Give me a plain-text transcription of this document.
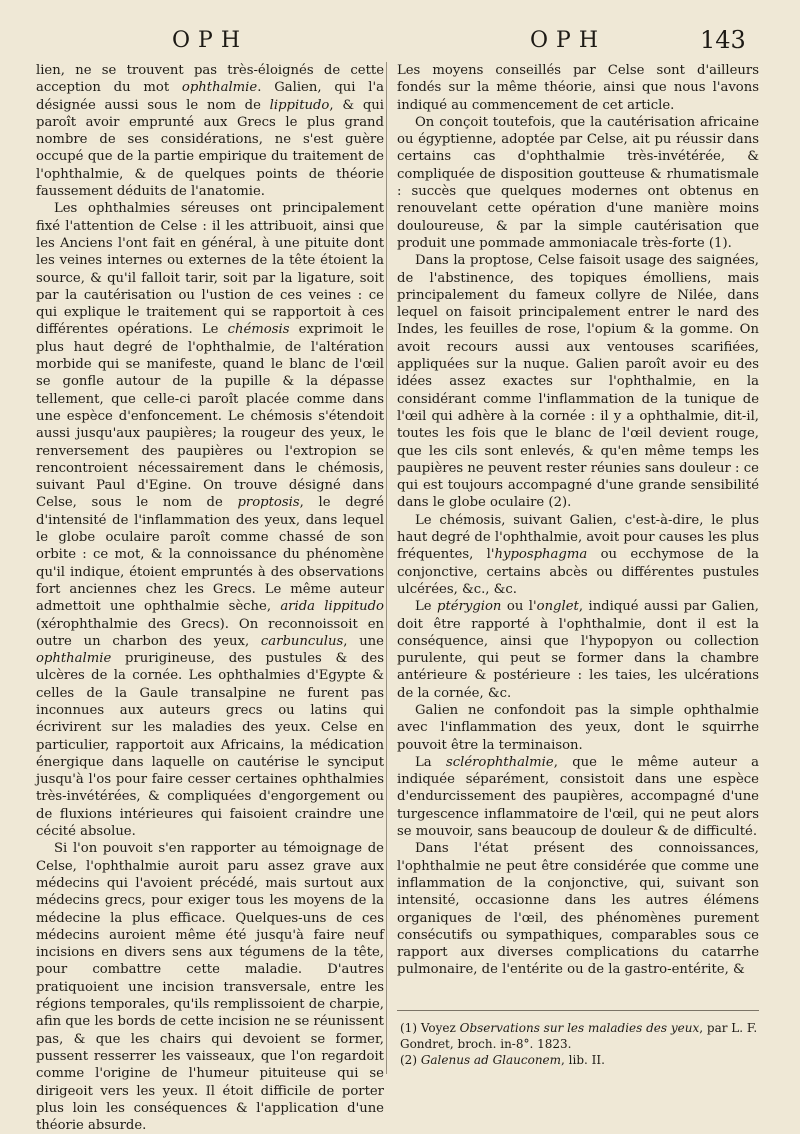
OPH	OPH	143

lien, ne se trouvent pas très-éloignés de cette acception du mot ophthalmie. Galien, qui l'a désignée aussi sous le nom de lippitudo, & qui paroît avoir emprunté aux Grecs le plus grand nombre de ses considérations, ne s'est guère occupé que de la partie empirique du traitement de l'ophthalmie, & de quelques points de théorie faussement déduits de l'anatomie.

Les ophthalmies séreuses ont principalement fixé l'attention de Celse : il les attribuoit, ainsi que les Anciens l'ont fait en général, à une pituite dont les veines internes ou externes de la tête étoient la source, & qu'il falloit tarir, soit par la ligature, soit par la cautérisation ou l'ustion de ces veines : ce qui explique le traitement qui se rapportoit à ces différentes opérations. Le chémosis exprimoit le plus haut degré de l'ophthalmie, de l'altération morbide qui se manifeste, quand le blanc de l'œil se gonfle autour de la pupille & la dépasse tellement, que celle-ci paroît placée comme dans une espèce d'enfoncement. Le chémosis s'étendoit aussi jusqu'aux paupières; la rougeur des yeux, le renversement des paupières ou l'extropion se rencontroient nécessairement dans le chémosis, suivant Paul d'Egine. On trouve désigné dans Celse, sous le nom de proptosis, le degré d'intensité de l'inflammation des yeux, dans lequel le globe oculaire paroît comme chassé de son orbite : ce mot, & la connoissance du phénomène qu'il indique, étoient empruntés à des observations fort anciennes chez les Grecs. Le même auteur admettoit une ophthalmie sèche, arida lippitudo (xérophthalmie des Grecs). On reconnoissoit en outre un charbon des yeux, carbunculus, une ophthalmie prurigineuse, des pustules & des ulcères de la cornée. Les ophthalmies d'Egypte & celles de la Gaule transalpine ne furent pas inconnues aux auteurs grecs ou latins qui écrivirent sur les maladies des yeux. Celse en particulier, rapportoit aux Africains, la médication énergique dans laquelle on cautérise le synciput jusqu'à l'os pour faire cesser certaines ophthalmies très-invétérées, & compliquées d'engorgement ou de fluxions intérieures qui faisoient craindre une cécité absolue.

Si l'on pouvoit s'en rapporter au témoignage de Celse, l'ophthalmie auroit paru assez grave aux médecins qui l'avoient précédé, mais surtout aux médecins grecs, pour exiger tous les moyens de la médecine la plus efficace. Quelques-uns de ces médecins auroient même été jusqu'à faire neuf incisions en divers sens aux tégumens de la tête, pour combattre cette maladie. D'autres pratiquoient une incision transversale, entre les régions temporales, qu'ils remplissoient de charpie, afin que les bords de cette incision ne se réunissent pas, & que les chairs qui devoient se former, pussent resserrer les vaisseaux, que l'on regardoit comme l'origine de l'humeur pituiteuse qui se dirigeoit vers les yeux. Il étoit difficile de porter plus loin les conséquences & l'application d'une théorie absurde.

Les moyens conseillés par Celse sont d'ailleurs fondés sur la même théorie, ainsi que nous l'avons indiqué au commencement de cet article.

On conçoit toutefois, que la cautérisation africaine ou égyptienne, adoptée par Celse, ait pu réussir dans certains cas d'ophthalmie très-invétérée, & compliquée de disposition goutteuse & rhumatismale : succès que quelques modernes ont obtenus en renouvelant cette opération d'une manière moins douloureuse, & par la simple cautérisation que produit une pommade ammoniacale très-forte (1).

Dans la proptose, Celse faisoit usage des saignées, de l'abstinence, des topiques émolliens, mais principalement du fameux collyre de Nilée, dans lequel on faisoit principalement entrer le nard des Indes, les feuilles de rose, l'opium & la gomme. On avoit recours aussi aux ventouses scarifiées, appliquées sur la nuque. Galien paroît avoir eu des idées assez exactes sur l'ophthalmie, en la considérant comme l'inflammation de la tunique de l'œil qui adhère à la cornée : il y a ophthalmie, dit-il, toutes les fois que le blanc de l'œil devient rouge, que les cils sont enlevés, & qu'en même temps les paupières ne peuvent rester réunies sans douleur : ce qui est toujours accompagné d'une grande sensibilité dans le globe oculaire (2).

Le chémosis, suivant Galien, c'est-à-dire, le plus haut degré de l'ophthalmie, avoit pour causes les plus fréquentes, l'hyposphagma ou ecchymose de la conjonctive, certains abcès ou différentes pustules ulcérées, &c., &c.

Le ptérygion ou l'onglet, indiqué aussi par Galien, doit être rapporté à l'ophthalmie, dont il est la conséquence, ainsi que l'hypopyon ou collection purulente, qui peut se former dans la chambre antérieure & postérieure : les taies, les ulcérations de la cornée, &c.

Galien ne confondoit pas la simple ophthalmie avec l'inflammation des yeux, dont le squirrhe pouvoit être la terminaison.

La sclérophthalmie, que le même auteur a indiquée séparément, consistoit dans une espèce d'endurcissement des paupières, accompagné d'une turgescence inflammatoire de l'œil, qui ne peut alors se mouvoir, sans beaucoup de douleur & de difficulté.

Dans l'état présent des connoissances, l'ophthalmie ne peut être considérée que comme une inflammation de la conjonctive, qui, suivant son intensité, occasionne dans les autres élémens organiques de l'œil, des phénomènes purement consécutifs ou sympathiques, comparables sous ce rapport aux diverses complications du catarrhe pulmonaire, de l'entérite ou de la gastro-entérite, &

(1) Voyez Observations sur les maladies des yeux, par L. F. Gondret, broch. in-8°. 1823.

(2) Galenus ad Glauconem, lib. II.
